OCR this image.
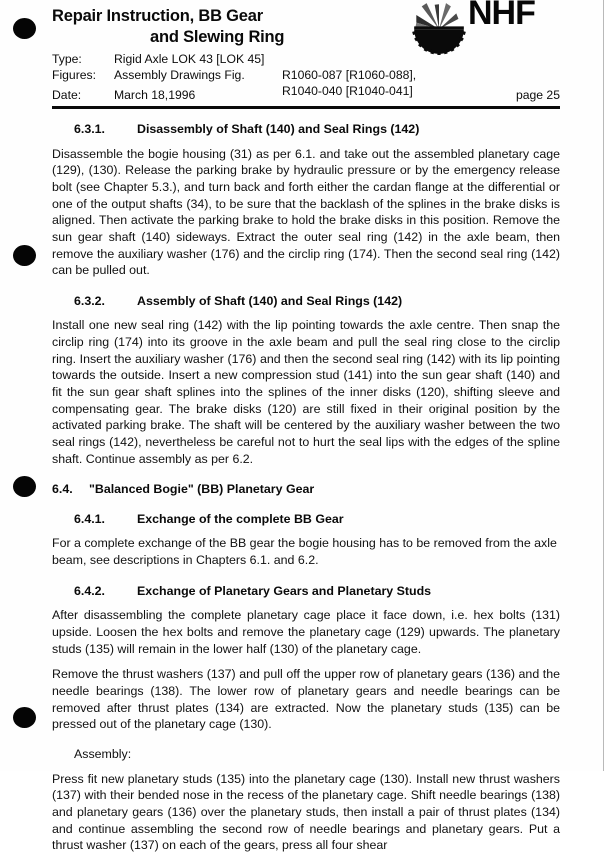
Repair Instruction, BB Gear
and Slewing Ring
Type:	Rigid Axle LOK 43 [LOK 45]
Figures:	Assembly Drawings Fig.	R1060-087 [R1060-088],
R1040-040 [R1040-041]
NHF
Date:	March 18,1996	page 25
6.3.1.	Disassembly of Shaft (140) and Seal Rings (142)

Disassemble the bogie housing (31) as per 6.1. and take out the assembled planetary cage (129), (130). Release the parking brake by hydraulic pressure or by the emergency release bolt (see Chapter 5.3.), and turn back and forth either the cardan flange at the differential or one of the output shafts (34), to be sure that the backlash of the splines in the brake disks is aligned. Then activate the parking brake to hold the brake disks in this position. Remove the sun gear shaft (140) sideways. Extract the outer seal ring (142) in the axle beam, then remove the auxiliary washer (176) and the circlip ring (174). Then the second seal ring (142) can be pulled out.

6.3.2.	Assembly of Shaft (140) and Seal Rings (142)

Install one new seal ring (142) with the lip pointing towards the axle centre. Then snap the circlip ring (174) into its groove in the axle beam and pull the seal ring close to the circlip ring. Insert the auxiliary washer (176) and then the second seal ring (142) with its lip pointing towards the outside. Insert a new compression stud (141) into the sun gear shaft (140) and fit the sun gear shaft splines into the splines of the inner disks (120), shifting sleeve and compensating gear. The brake disks (120) are still fixed in their original position by the activated parking brake. The shaft will be centered by the auxiliary washer between the two seal rings (142), nevertheless be careful not to hurt the seal lips with the edges of the spline shaft. Continue assembly as per 6.2.

6.4.	"Balanced Bogie" (BB) Planetary Gear
6.4.1.	Exchange of the complete BB Gear

For a complete exchange of the BB gear the bogie housing has to be removed from the axle beam, see descriptions in Chapters 6.1. and 6.2.

6.4.2.	Exchange of Planetary Gears and Planetary Studs

After disassembling the complete planetary cage place it face down, i.e. hex bolts (131) upside. Loosen the hex bolts and remove the planetary cage (129) upwards. The planetary studs (135) will remain in the lower half (130) of the planetary cage.

Remove the thrust washers (137) and pull off the upper row of planetary gears (136) and the needle bearings (138). The lower row of planetary gears and needle bearings can be removed after thrust plates (134) are extracted. Now the planetary studs (135) can be pressed out of the planetary cage (130).

Assembly:

Press fit new planetary studs (135) into the planetary cage (130). Install new thrust washers (137) with their bended nose in the recess of the planetary cage. Shift needle bearings (138) and planetary gears (136) over the planetary studs, then install a pair of thrust plates (134) and continue assembling the second row of needle bearings and planetary gears. Put a thrust washer (137) on each of the gears, press all four shear
